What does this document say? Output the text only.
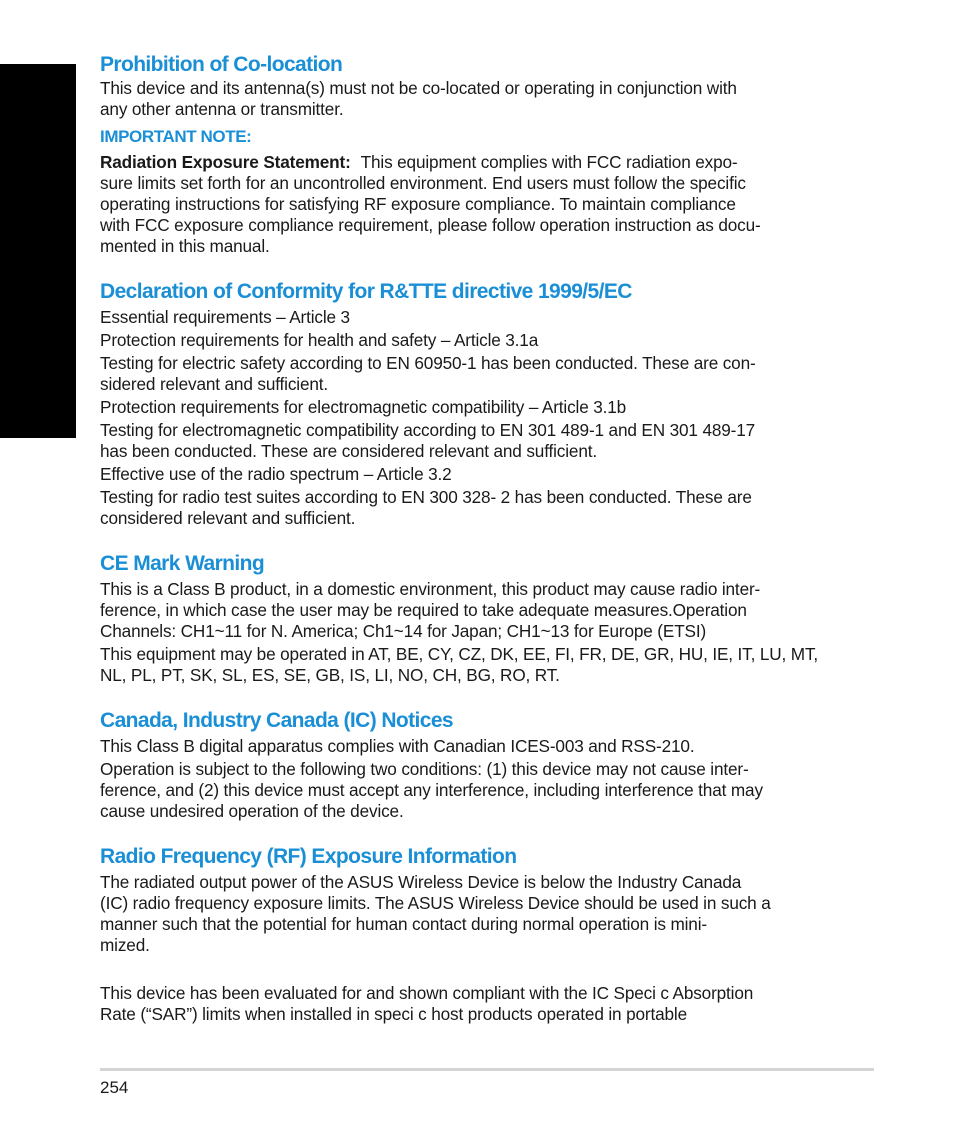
Prohibition of Co-location

This device and its antenna(s) must not be co-located or operating in conjunction with

any other antenna or transmitter.

IMPORTANT NOTE:

Radiation Exposure Statement: This equipment complies with FCC radiation expo-

sure limits set forth for an uncontrolled environment. End users must follow the specific

operating instructions for satisfying RF exposure compliance. To maintain compliance

with FCC exposure compliance requirement, please follow operation instruction as docu-

mented in this manual.

Declaration of Conformity for R&TTE directive 1999/5/EC

Essential requirements – Article 3

Protection requirements for health and safety – Article 3.1a

Testing for electric safety according to EN 60950-1 has been conducted. These are con-

sidered relevant and sufficient.

Protection requirements for electromagnetic compatibility – Article 3.1b

Testing for electromagnetic compatibility according to EN 301 489-1 and EN 301 489-17

has been conducted. These are considered relevant and sufficient.

Effective use of the radio spectrum – Article 3.2

Testing for radio test suites according to EN 300 328- 2 has been conducted. These are

considered relevant and sufficient.

CE Mark Warning

This is a Class B product, in a domestic environment, this product may cause radio inter-

ference, in which case the user may be required to take adequate measures.Operation

Channels: CH1~11 for N. America; Ch1~14 for Japan; CH1~13 for Europe (ETSI)

This equipment may be operated in AT, BE, CY, CZ, DK, EE, FI, FR, DE, GR, HU, IE, IT, LU, MT,

NL, PL, PT, SK, SL, ES, SE, GB, IS, LI, NO, CH, BG, RO, RT.

Canada, Industry Canada (IC) Notices

This Class B digital apparatus complies with Canadian ICES-003 and RSS-210.

Operation is subject to the following two conditions: (1) this device may not cause inter-

ference, and (2) this device must accept any interference, including interference that may

cause undesired operation of the device.

Radio Frequency (RF) Exposure Information

The radiated output power of the ASUS Wireless Device is below the Industry Canada

(IC) radio frequency exposure limits. The ASUS Wireless Device should be used in such a

manner such that the potential for human contact during normal operation is mini-

mized.

This device has been evaluated for and shown compliant with the IC Speci c Absorption

Rate (“SAR”) limits when installed in speci c host products operated in portable

254
